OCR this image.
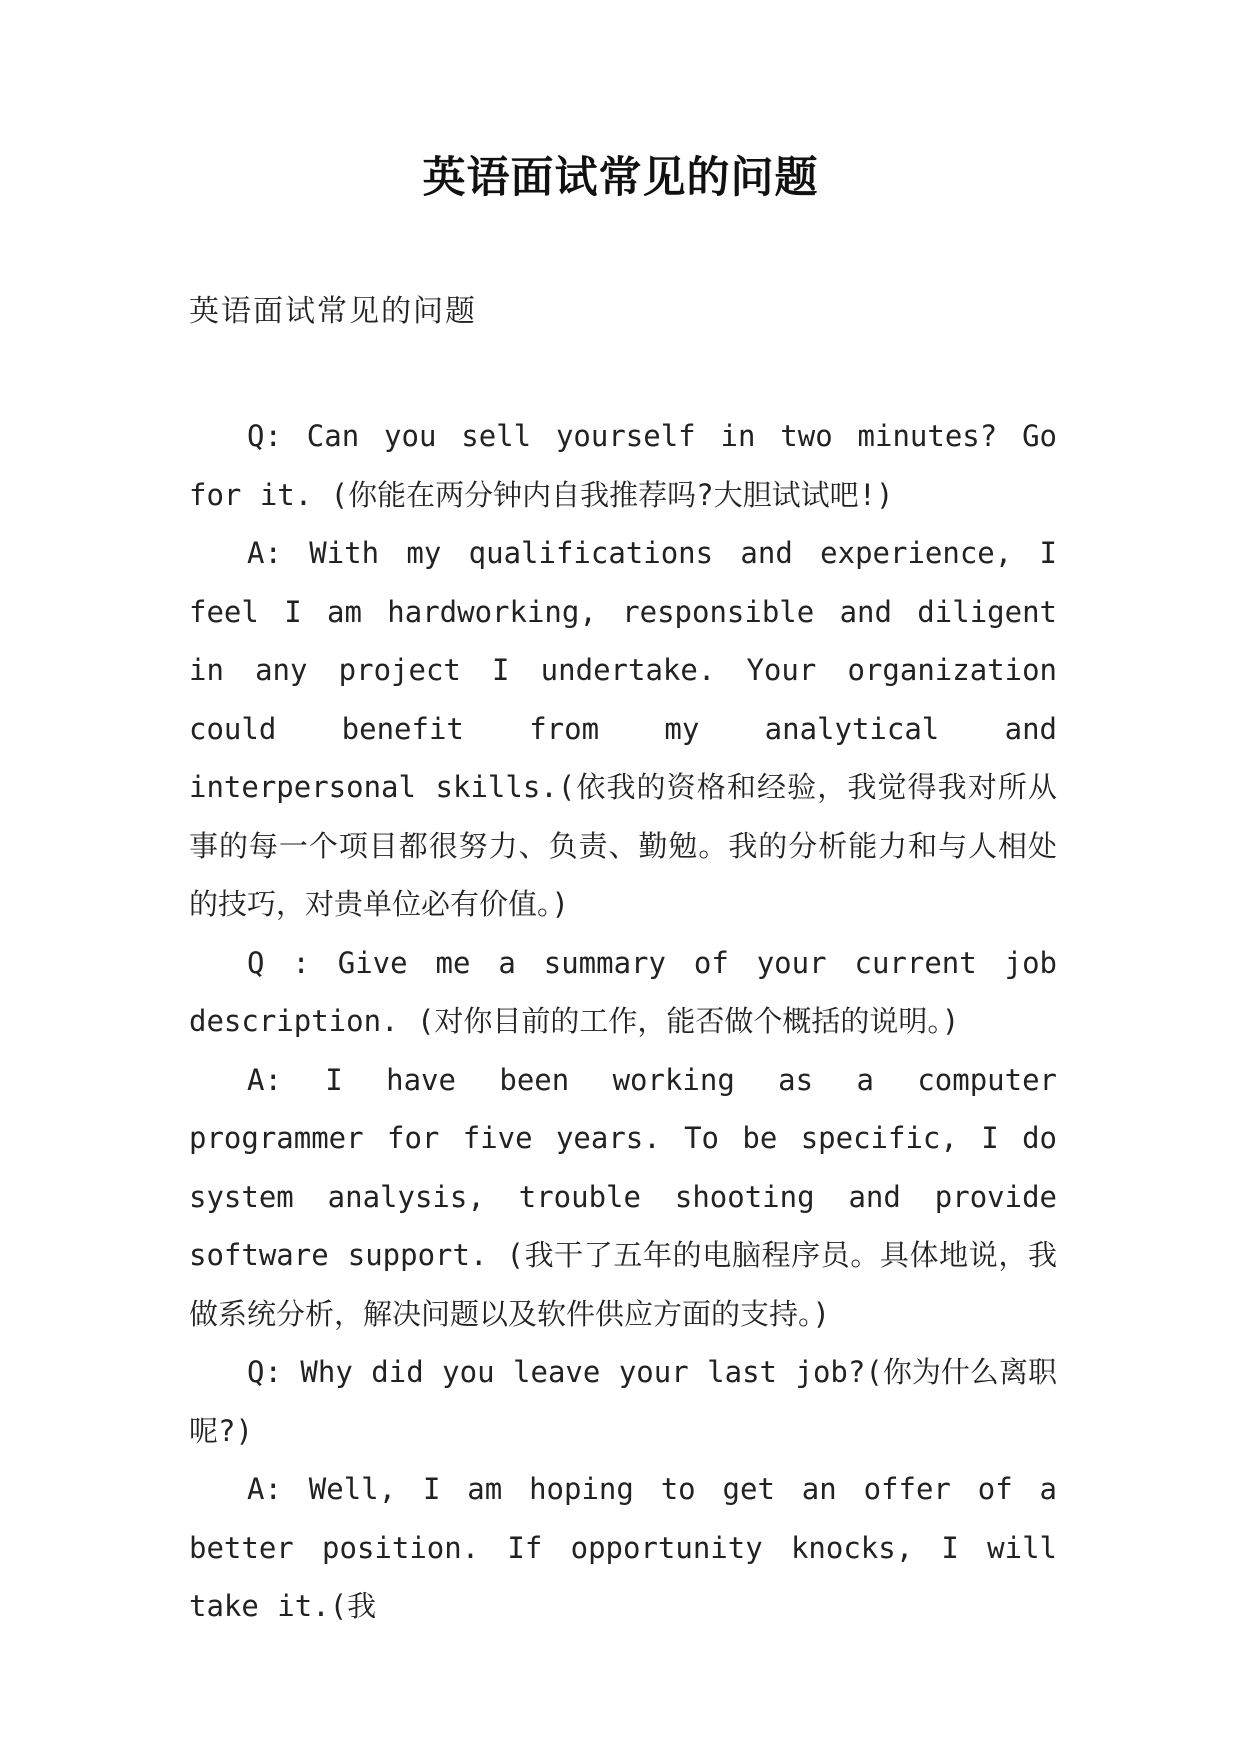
英语面试常见的问题
英语面试常见的问题

Q: Can you sell yourself in two minutes? Go for it. (你能在两分钟内自我推荐吗?大胆试试吧!)

A: With my qualifications and experience, I feel I am hardworking, responsible and diligent in any project I undertake. Your organization could benefit from my analytical and interpersonal skills.(依我的资格和经验，我觉得我对所从事的每一个项目都很努力、负责、勤勉。我的分析能力和与人相处的技巧，对贵单位必有价值。)

Q : Give me a summary of your current job description. (对你目前的工作，能否做个概括的说明。)

A: I have been working as a computer programmer for five years. To be specific, I do system analysis, trouble shooting and provide software support. (我干了五年的电脑程序员。具体地说，我做系统分析，解决问题以及软件供应方面的支持。)

Q: Why did you leave your last job?(你为什么离职呢?)

A: Well, I am hoping to get an offer of a better position. If opportunity knocks, I will take it.(我
